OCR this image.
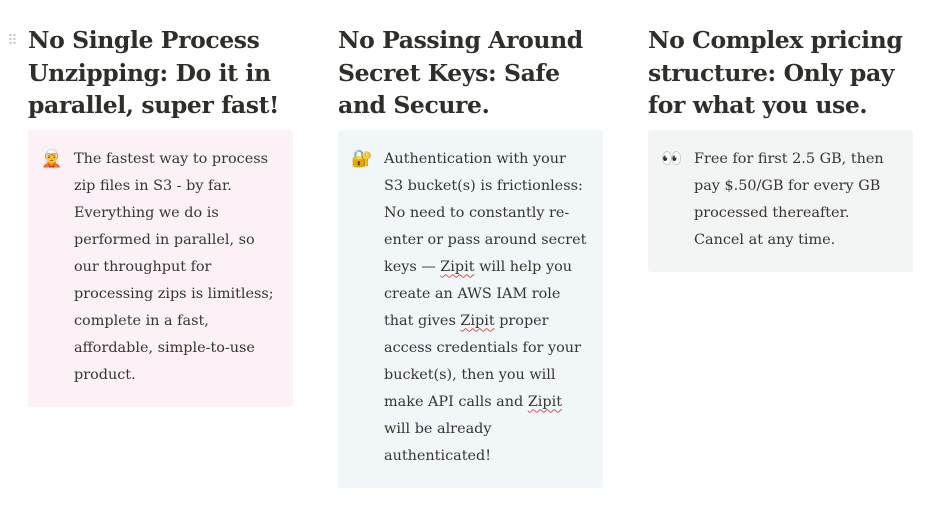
⠿ No Single Process Unzipping: Do it in parallel, super fast!
🧝 The fastest way to process zip files in S3 - by far. Everything we do is performed in parallel, so our throughput for processing zips is limitless; complete in a fast, affordable, simple-to-use product.

No Passing Around Secret Keys: Safe and Secure.
🔐 Authentication with your S3 bucket(s) is frictionless: No need to constantly re-enter or pass around secret keys — Zipit will help you create an AWS IAM role that gives Zipit proper access credentials for your bucket(s), then you will make API calls and Zipit will be already authenticated!

No Complex pricing structure: Only pay for what you use.
👀 Free for first 2.5 GB, then pay $.50/GB for every GB processed thereafter. Cancel at any time.
